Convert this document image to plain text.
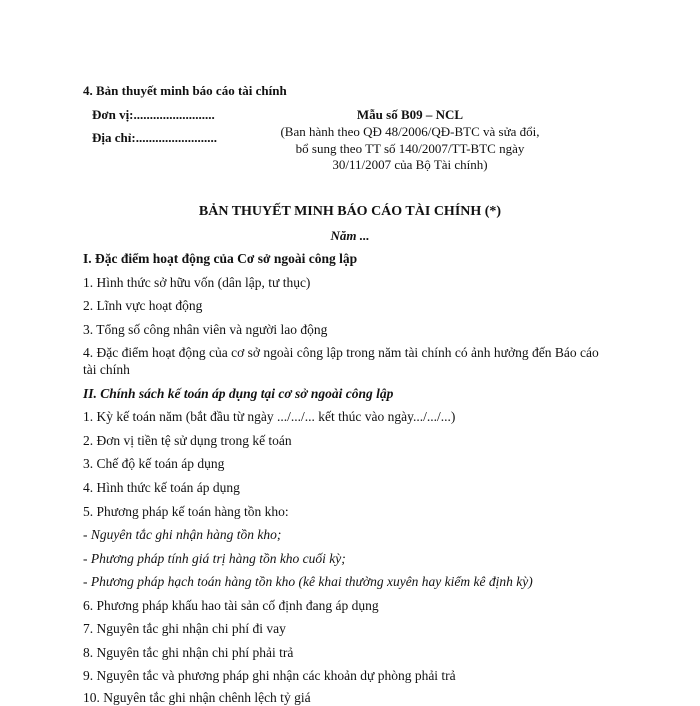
4. Bản thuyết minh báo cáo tài chính
Đơn vị:.........................
Địa chỉ:.........................
Mẫu số B09 – NCL
(Ban hành theo QĐ 48/2006/QĐ-BTC và sửa đổi,
bổ sung theo TT số 140/2007/TT-BTC ngày
30/11/2007 của Bộ Tài chính)
BẢN THUYẾT MINH BÁO CÁO TÀI CHÍNH (*)
Năm ...
I. Đặc điểm hoạt động của Cơ sở ngoài công lập
1. Hình thức sở hữu vốn (dân lập, tư thục)
2. Lĩnh vực hoạt động
3. Tổng số công nhân viên và người lao động
4. Đặc điểm hoạt động của cơ sở ngoài công lập trong năm tài chính có ảnh hưởng đến Báo cáo
tài chính
II. Chính sách kế toán áp dụng tại cơ sở ngoài công lập
1. Kỳ kế toán năm (bắt đầu từ ngày .../.../... kết thúc vào ngày.../.../...)
2. Đơn vị tiền tệ sử dụng trong kế toán
3. Chế độ kế toán áp dụng
4. Hình thức kế toán áp dụng
5. Phương pháp kế toán hàng tồn kho:
- Nguyên tắc ghi nhận hàng tồn kho;
- Phương pháp tính giá trị hàng tồn kho cuối kỳ;
- Phương pháp hạch toán hàng tồn kho (kê khai thường xuyên hay kiểm kê định kỳ)
6. Phương pháp khấu hao tài sản cố định đang áp dụng
7. Nguyên tắc ghi nhận chi phí đi vay
8. Nguyên tắc ghi nhận chi phí phải trả
9. Nguyên tắc và phương pháp ghi nhận các khoản dự phòng phải trả
10. Nguyên tắc ghi nhận chênh lệch tỷ giá
